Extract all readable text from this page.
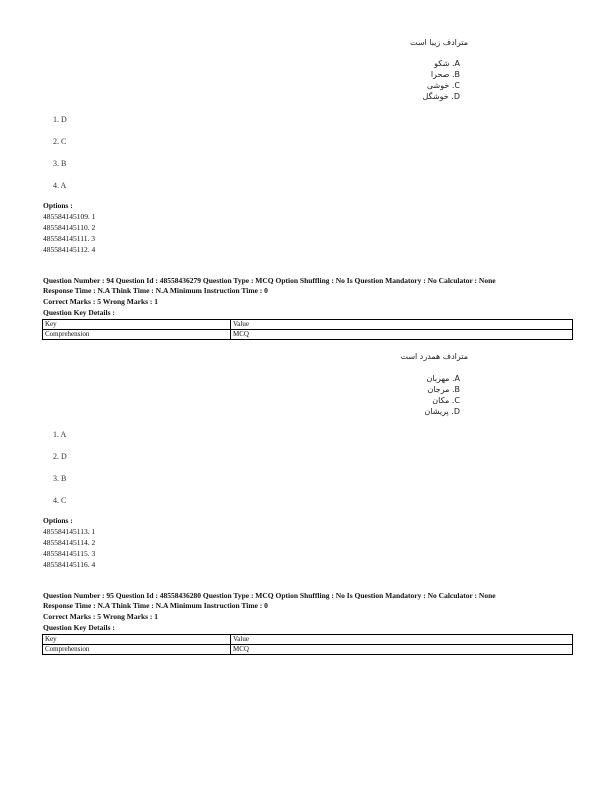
مترادف زیبا است
A. شکو
B. صحرا
C. خوشی
D. خوشگل
1. D
2. C
3. B
4. A
Options :
485584145109. 1
485584145110. 2
485584145111. 3
485584145112. 4
Question Number : 94 Question Id : 48558436279 Question Type : MCQ Option Shuffling : No Is Question Mandatory : No Calculator : None
Response Time : N.A Think Time : N.A Minimum Instruction Time : 0
Correct Marks : 5 Wrong Marks : 1
Question Key Details :
Key	Value
Comprehension	MCQ
مترادف همدرد است
A. مهربان
B. مرجان
C. مکان
D. پریشان
1. A
2. D
3. B
4. C
Options :
485584145113. 1
485584145114. 2
485584145115. 3
485584145116. 4
Question Number : 95 Question Id : 48558436280 Question Type : MCQ Option Shuffling : No Is Question Mandatory : No Calculator : None
Response Time : N.A Think Time : N.A Minimum Instruction Time : 0
Correct Marks : 5 Wrong Marks : 1
Question Key Details :
Key	Value
Comprehension	MCQ
